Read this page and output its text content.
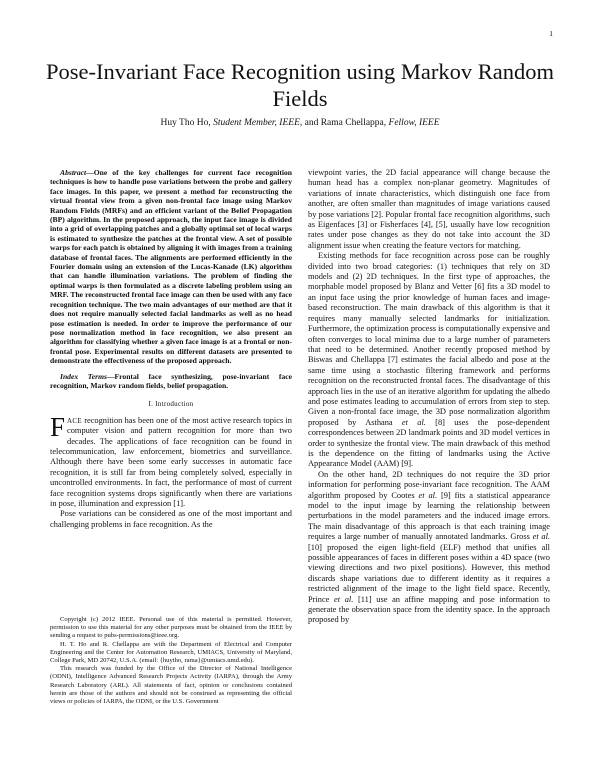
1
Pose-Invariant Face Recognition using Markov Random Fields
Huy Tho Ho, Student Member, IEEE, and Rama Chellappa, Fellow, IEEE

Abstract—One of the key challenges for current face recognition techniques is how to handle pose variations between the probe and gallery face images. In this paper, we present a method for reconstructing the virtual frontal view from a given non-frontal face image using Markov Random Fields (MRFs) and an efficient variant of the Belief Propagation (BP) algorithm. In the proposed approach, the input face image is divided into a grid of overlapping patches and a globally optimal set of local warps is estimated to synthesize the patches at the frontal view. A set of possible warps for each patch is obtained by aligning it with images from a training database of frontal faces. The alignments are performed efficiently in the Fourier domain using an extension of the Lucas-Kanade (LK) algorithm that can handle illumination variations. The problem of finding the optimal warps is then formulated as a discrete labeling problem using an MRF. The reconstructed frontal face image can then be used with any face recognition technique. The two main advantages of our method are that it does not require manually selected facial landmarks as well as no head pose estimation is needed. In order to improve the performance of our pose normalization method in face recognition, we also present an algorithm for classifying whether a given face image is at a frontal or non-frontal pose. Experimental results on different datasets are presented to demonstrate the effectiveness of the proposed approach.

Index Terms—Frontal face synthesizing, pose-invariant face recognition, Markov random fields, belief propagation.

I. Introduction

FACE recognition has been one of the most active research topics in computer vision and pattern recognition for more than two decades. The applications of face recognition can be found in telecommunication, law enforcement, biometrics and surveillance. Although there have been some early successes in automatic face recognition, it is still far from being completely solved, especially in uncontrolled environments. In fact, the performance of most of current face recognition systems drops significantly when there are variations in pose, illumination and expression [1].

Pose variations can be considered as one of the most important and challenging problems in face recognition. As the

Copyright (c) 2012 IEEE. Personal use of this material is permitted. However, permission to use this material for any other purposes must be obtained from the IEEE by sending a request to pubs-permissions@ieee.org.

H. T. Ho and R. Chellappa are with the Department of Electrical and Computer Engineering and the Center for Automation Research, UMIACS, University of Maryland, College Park, MD 20742, U.S.A. (email: {huytho, rama}@umiacs.umd.edu).

This research was funded by the Office of the Director of National Intelligence (ODNI), Intelligence Advanced Research Projects Activity (IARPA), through the Army Research Laboratory (ARL). All statements of fact, opinion or conclusions contained herein are those of the authors and should not be construed as representing the official views or policies of IARPA, the ODNI, or the U.S. Government

viewpoint varies, the 2D facial appearance will change because the human head has a complex non-planar geometry. Magnitudes of variations of innate characteristics, which distinguish one face from another, are often smaller than magnitudes of image variations caused by pose variations [2]. Popular frontal face recognition algorithms, such as Eigenfaces [3] or Fisherfaces [4], [5], usually have low recognition rates under pose changes as they do not take into account the 3D alignment issue when creating the feature vectors for matching.

Existing methods for face recognition across pose can be roughly divided into two broad categories: (1) techniques that rely on 3D models and (2) 2D techniques. In the first type of approaches, the morphable model proposed by Blanz and Vetter [6] fits a 3D model to an input face using the prior knowledge of human faces and image-based reconstruction. The main drawback of this algorithm is that it requires many manually selected landmarks for initialization. Furthermore, the optimization process is computationally expensive and often converges to local minima due to a large number of parameters that need to be determined. Another recently proposed method by Biswas and Chellappa [7] estimates the facial albedo and pose at the same time using a stochastic filtering framework and performs recognition on the reconstructed frontal faces. The disadvantage of this approach lies in the use of an iterative algorithm for updating the albedo and pose estimates leading to accumulation of errors from step to step. Given a non-frontal face image, the 3D pose normalization algorithm proposed by Asthana et al. [8] uses the pose-dependent correspondences between 2D landmark points and 3D model vertices in order to synthesize the frontal view. The main drawback of this method is the dependence on the fitting of landmarks using the Active Appearance Model (AAM) [9].

On the other hand, 2D techniques do not require the 3D prior information for performing pose-invariant face recognition. The AAM algorithm proposed by Cootes et al. [9] fits a statistical appearance model to the input image by learning the relationship between perturbations in the model parameters and the induced image errors. The main disadvantage of this approach is that each training image requires a large number of manually annotated landmarks. Gross et al. [10] proposed the eigen light-field (ELF) method that unifies all possible appearances of faces in different poses within a 4D space (two viewing directions and two pixel positions). However, this method discards shape variations due to different identity as it requires a restricted alignment of the image to the light field space. Recently, Prince et al. [11] use an affine mapping and pose information to generate the observation space from the identity space. In the approach proposed by
